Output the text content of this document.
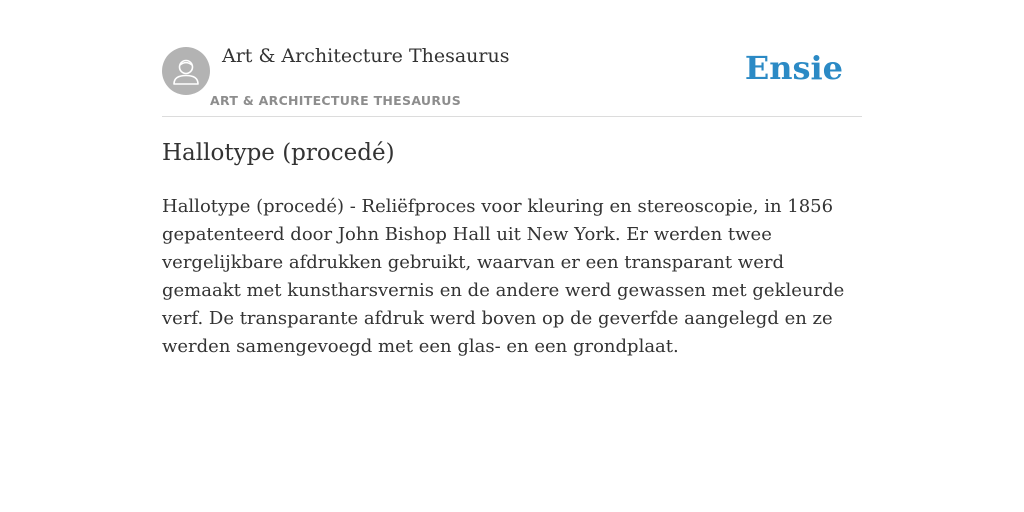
Art & Architecture Thesaurus
ART & ARCHITECTURE THESAURUS
Ensie
Hallotype (procedé)

Hallotype (procedé) - Reliëfproces voor kleuring en stereoscopie, in 1856 gepatenteerd door John Bishop Hall uit New York. Er werden twee vergelijkbare afdrukken gebruikt, waarvan er een transparant werd gemaakt met kunstharsvernis en de andere werd gewassen met gekleurde verf. De transparante afdruk werd boven op de geverfde aangelegd en ze werden samengevoegd met een glas- en een grondplaat.
